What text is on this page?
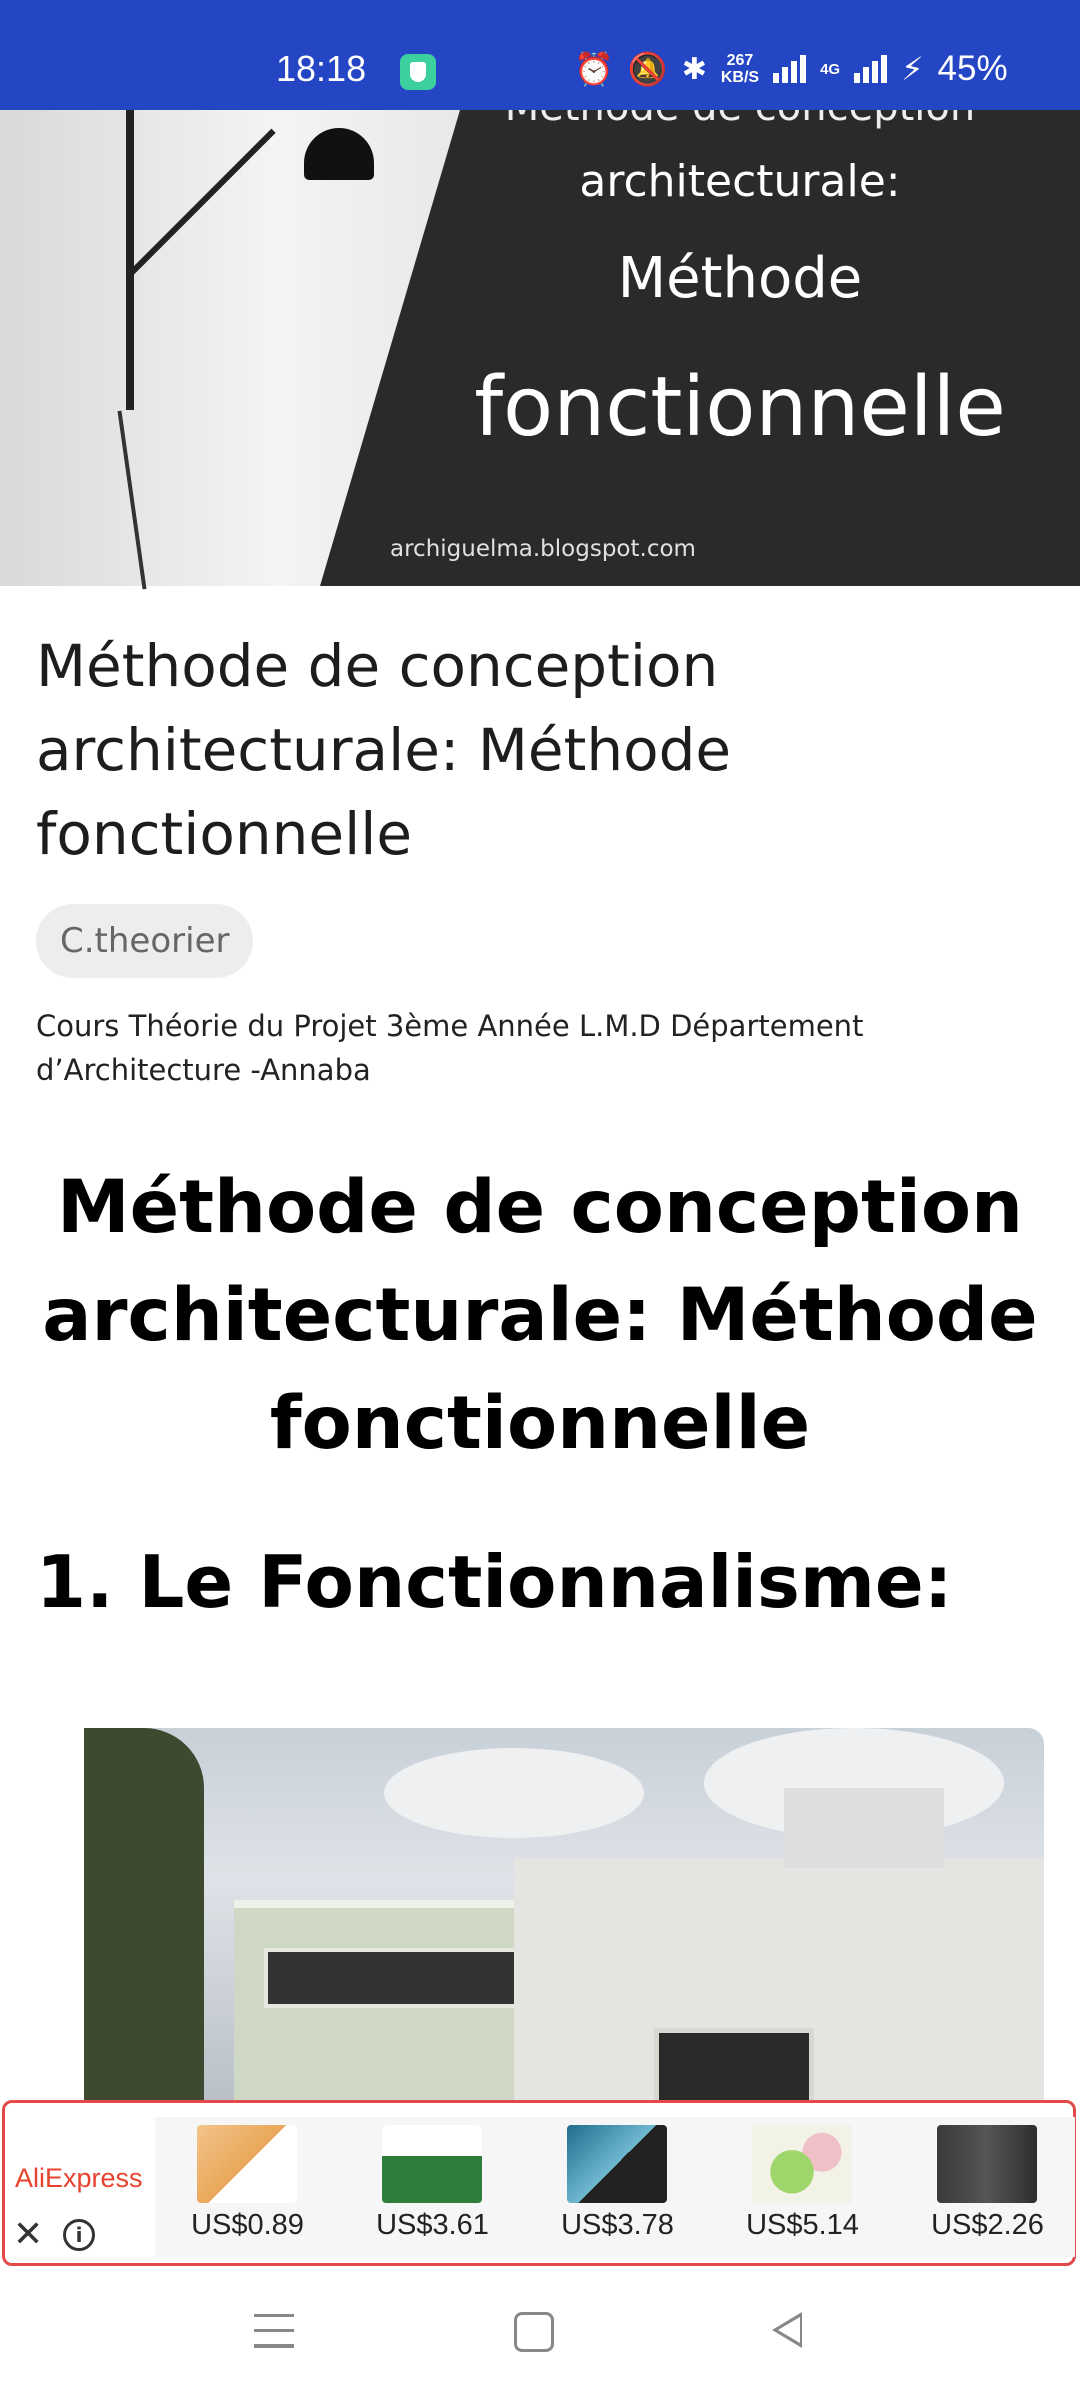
18:18	⏰ 🔕 ✱	267
KB/S	4G ⚡ 45%
architecturale:
Méthode
fonctionnelle
archiguelma.blogspot.com
Méthode de conception architecturale: Méthode fonctionnelle
C.theorier
Cours Théorie du Projet 3ème Année L.M.D Département d’Architecture -Annaba
Méthode de conception architecturale: Méthode fonctionnelle
1. Le Fonctionnalisme:
AliExpress
✕	i	US$0.89	US$3.61	US$3.78	US$5.14	US$2.26
